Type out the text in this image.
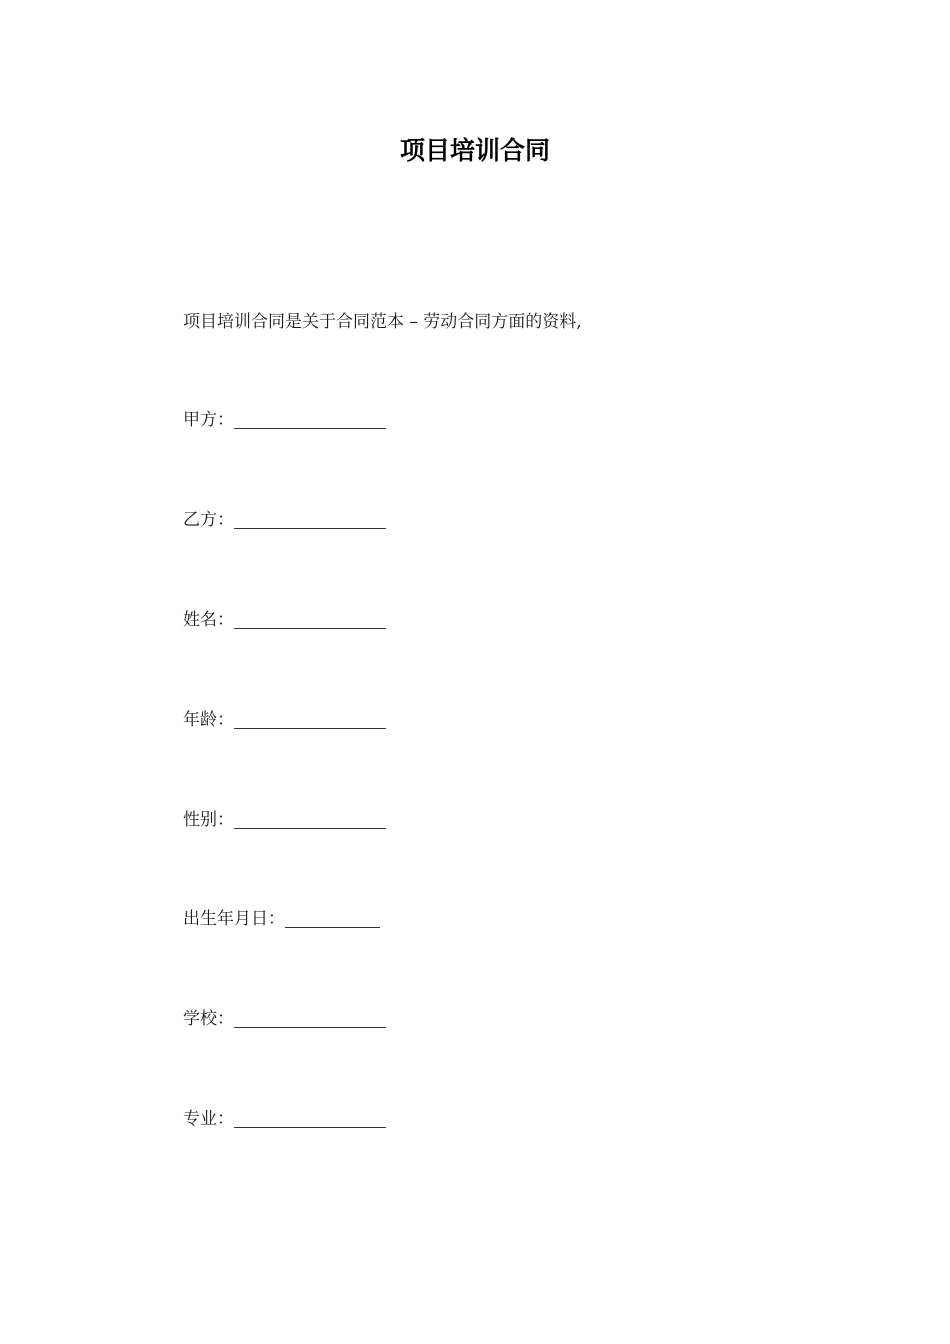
项目培训合同
项目培训合同是关于合同范本 – 劳动合同方面的资料,
甲方：
乙方：
姓名：
年龄：
性别：
出生年月日：
学校：
专业：
